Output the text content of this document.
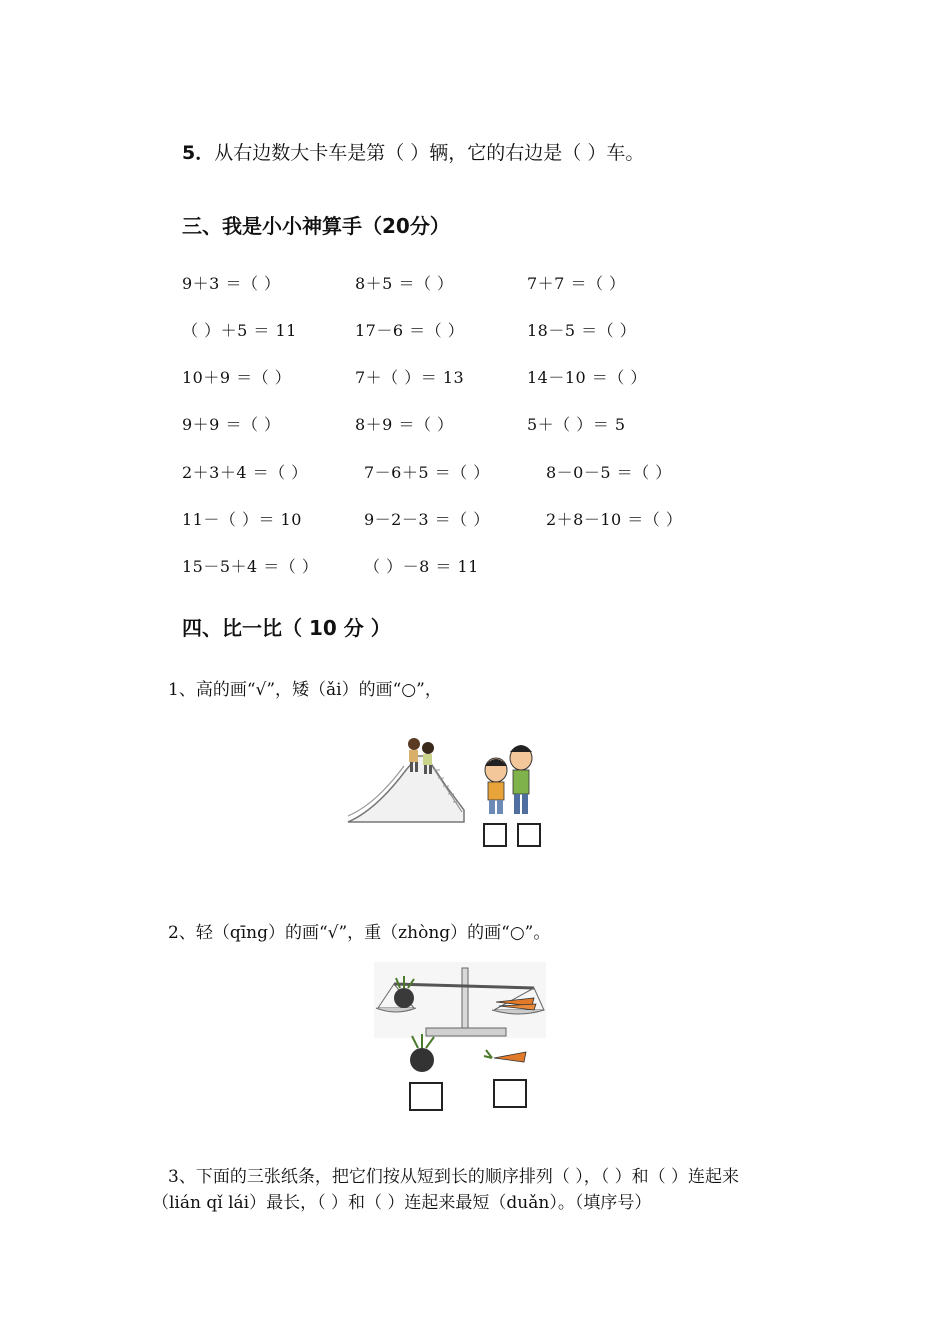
5．从右边数大卡车是第（ ）辆，它的右边是（ ）车。
三、我是小小神算手（20分）
9＋3 ＝（ ）	8＋5 ＝（ ）	7＋7 ＝（ ）
（ ）＋5 ＝ 11	17－6 ＝（ ）	18－5 ＝（ ）
10＋9 ＝（ ）	7＋（ ）＝ 13	14－10 ＝（ ）
9＋9 ＝（ ）	8＋9 ＝（ ）	5＋（ ）＝ 5
2＋3＋4 ＝（ ）	7－6＋5 ＝（ ）	8－0－5 ＝（ ）
11－（ ）＝ 10	9－2－3 ＝（ ）	2＋8－10 ＝（ ）
15－5＋4 ＝（ ）	（ ）－8 ＝ 11
四、比一比（ 10 分 ）
1、高的画“√”，矮（ǎi）的画“○”，
2、轻（qīng）的画“√”，重（zhòng）的画“○”。
3、下面的三张纸条，把它们按从短到长的顺序排列（ ），（ ）和（ ）连起来
（lián qǐ lái）最长，（ ）和（ ）连起来最短（duǎn）。（填序号）
